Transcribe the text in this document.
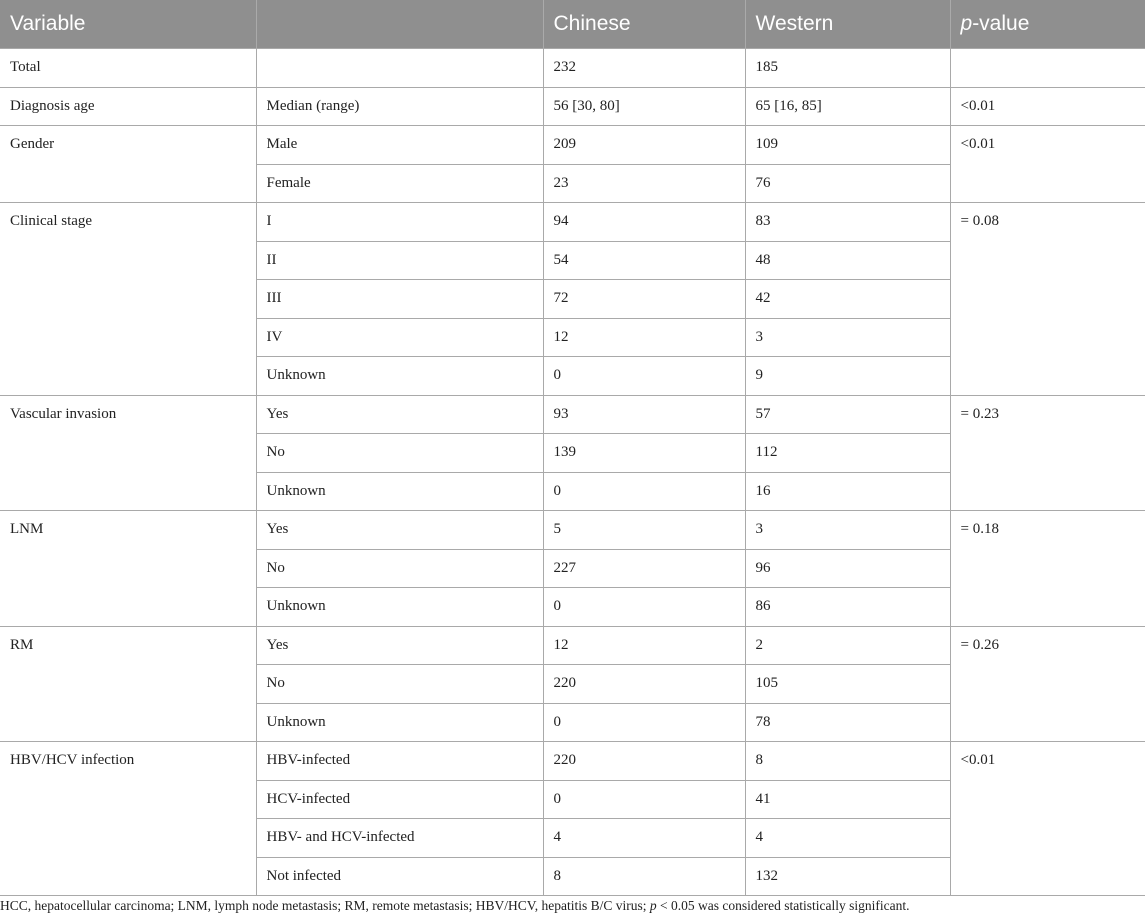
Variable		Chinese	Western	p-value
Total		232	185	
Diagnosis age	Median (range)	56 [30, 80]	65 [16, 85]	<0.01
Gender	Male	209	109	<0.01
	Female	23	76	
Clinical stage	I	94	83	= 0.08
	II	54	48	
	III	72	42	
	IV	12	3	
	Unknown	0	9	
Vascular invasion	Yes	93	57	= 0.23
	No	139	112	
	Unknown	0	16	
LNM	Yes	5	3	= 0.18
	No	227	96	
	Unknown	0	86	
RM	Yes	12	2	= 0.26
	No	220	105	
	Unknown	0	78	
HBV/HCV infection	HBV-infected	220	8	<0.01
	HCV-infected	0	41	
	HBV- and HCV-infected	4	4	
	Not infected	8	132	
HCC, hepatocellular carcinoma; LNM, lymph node metastasis; RM, remote metastasis; HBV/HCV, hepatitis B/C virus; p < 0.05 was considered statistically significant.
